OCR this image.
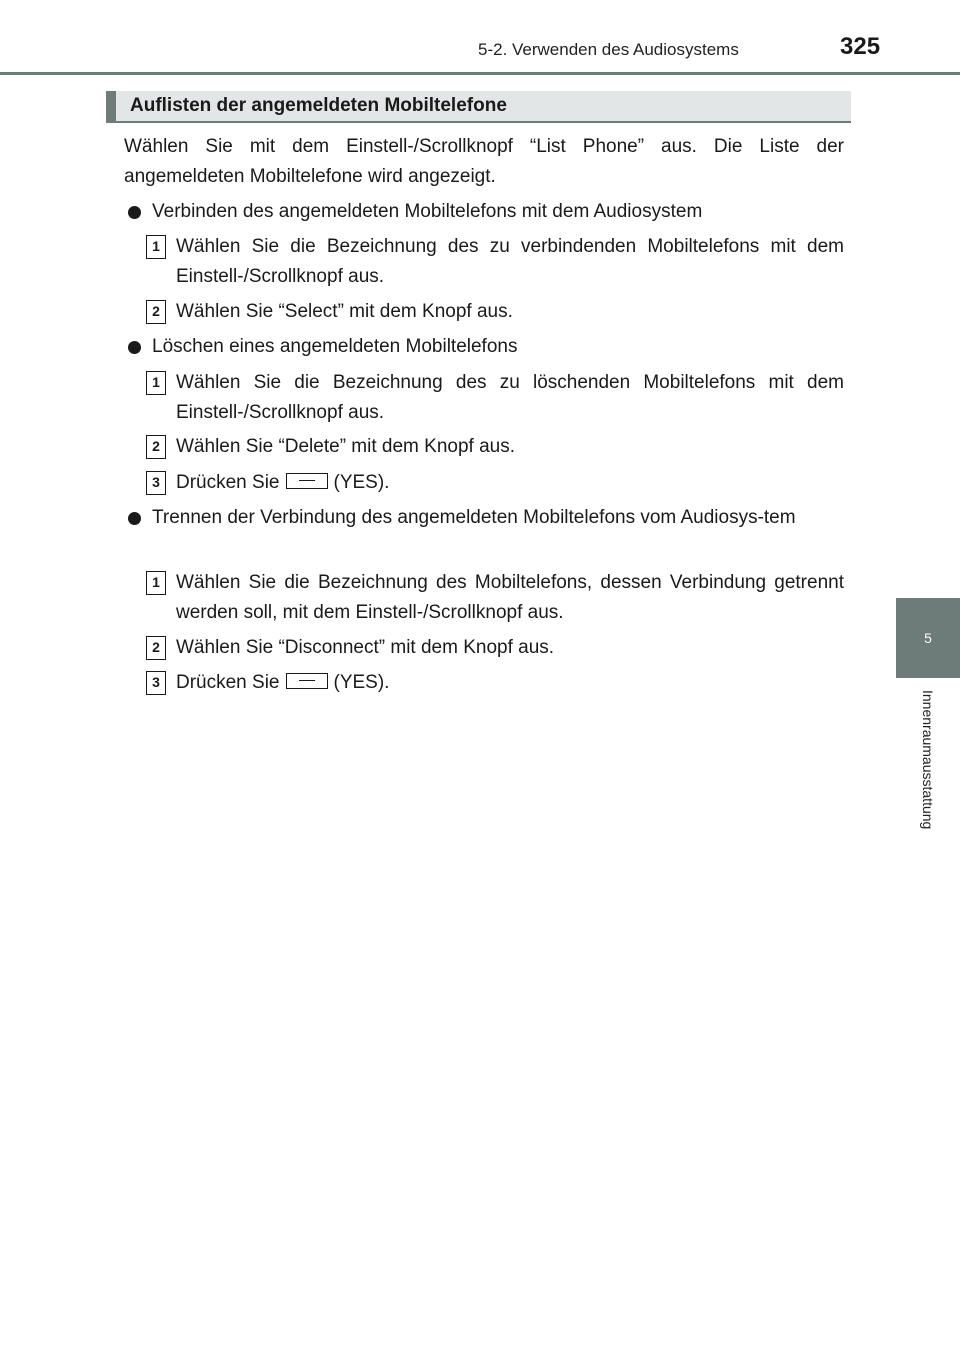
5-2. Verwenden des Audiosystems	325
5
Innenraumausstattung
Auflisten der angemeldeten Mobiltelefone
Wählen Sie mit dem Einstell-/Scrollknopf “List Phone” aus. Die Liste der angemeldeten Mobiltelefone wird angezeigt.
Verbinden des angemeldeten Mobiltelefons mit dem Audiosystem
1 Wählen Sie die Bezeichnung des zu verbindenden Mobiltelefons mit dem Einstell-/Scrollknopf aus.
2 Wählen Sie “Select” mit dem Knopf aus.
Löschen eines angemeldeten Mobiltelefons
1 Wählen Sie die Bezeichnung des zu löschenden Mobiltelefons mit dem Einstell-/Scrollknopf aus.
2 Wählen Sie “Delete” mit dem Knopf aus.
3 Drücken Sie	(YES).
Trennen der Verbindung des angemeldeten Mobiltelefons vom Audiosys-tem
1 Wählen Sie die Bezeichnung des Mobiltelefons, dessen Verbindung getrennt werden soll, mit dem Einstell-/Scrollknopf aus.
2 Wählen Sie “Disconnect” mit dem Knopf aus.
3 Drücken Sie	(YES).
